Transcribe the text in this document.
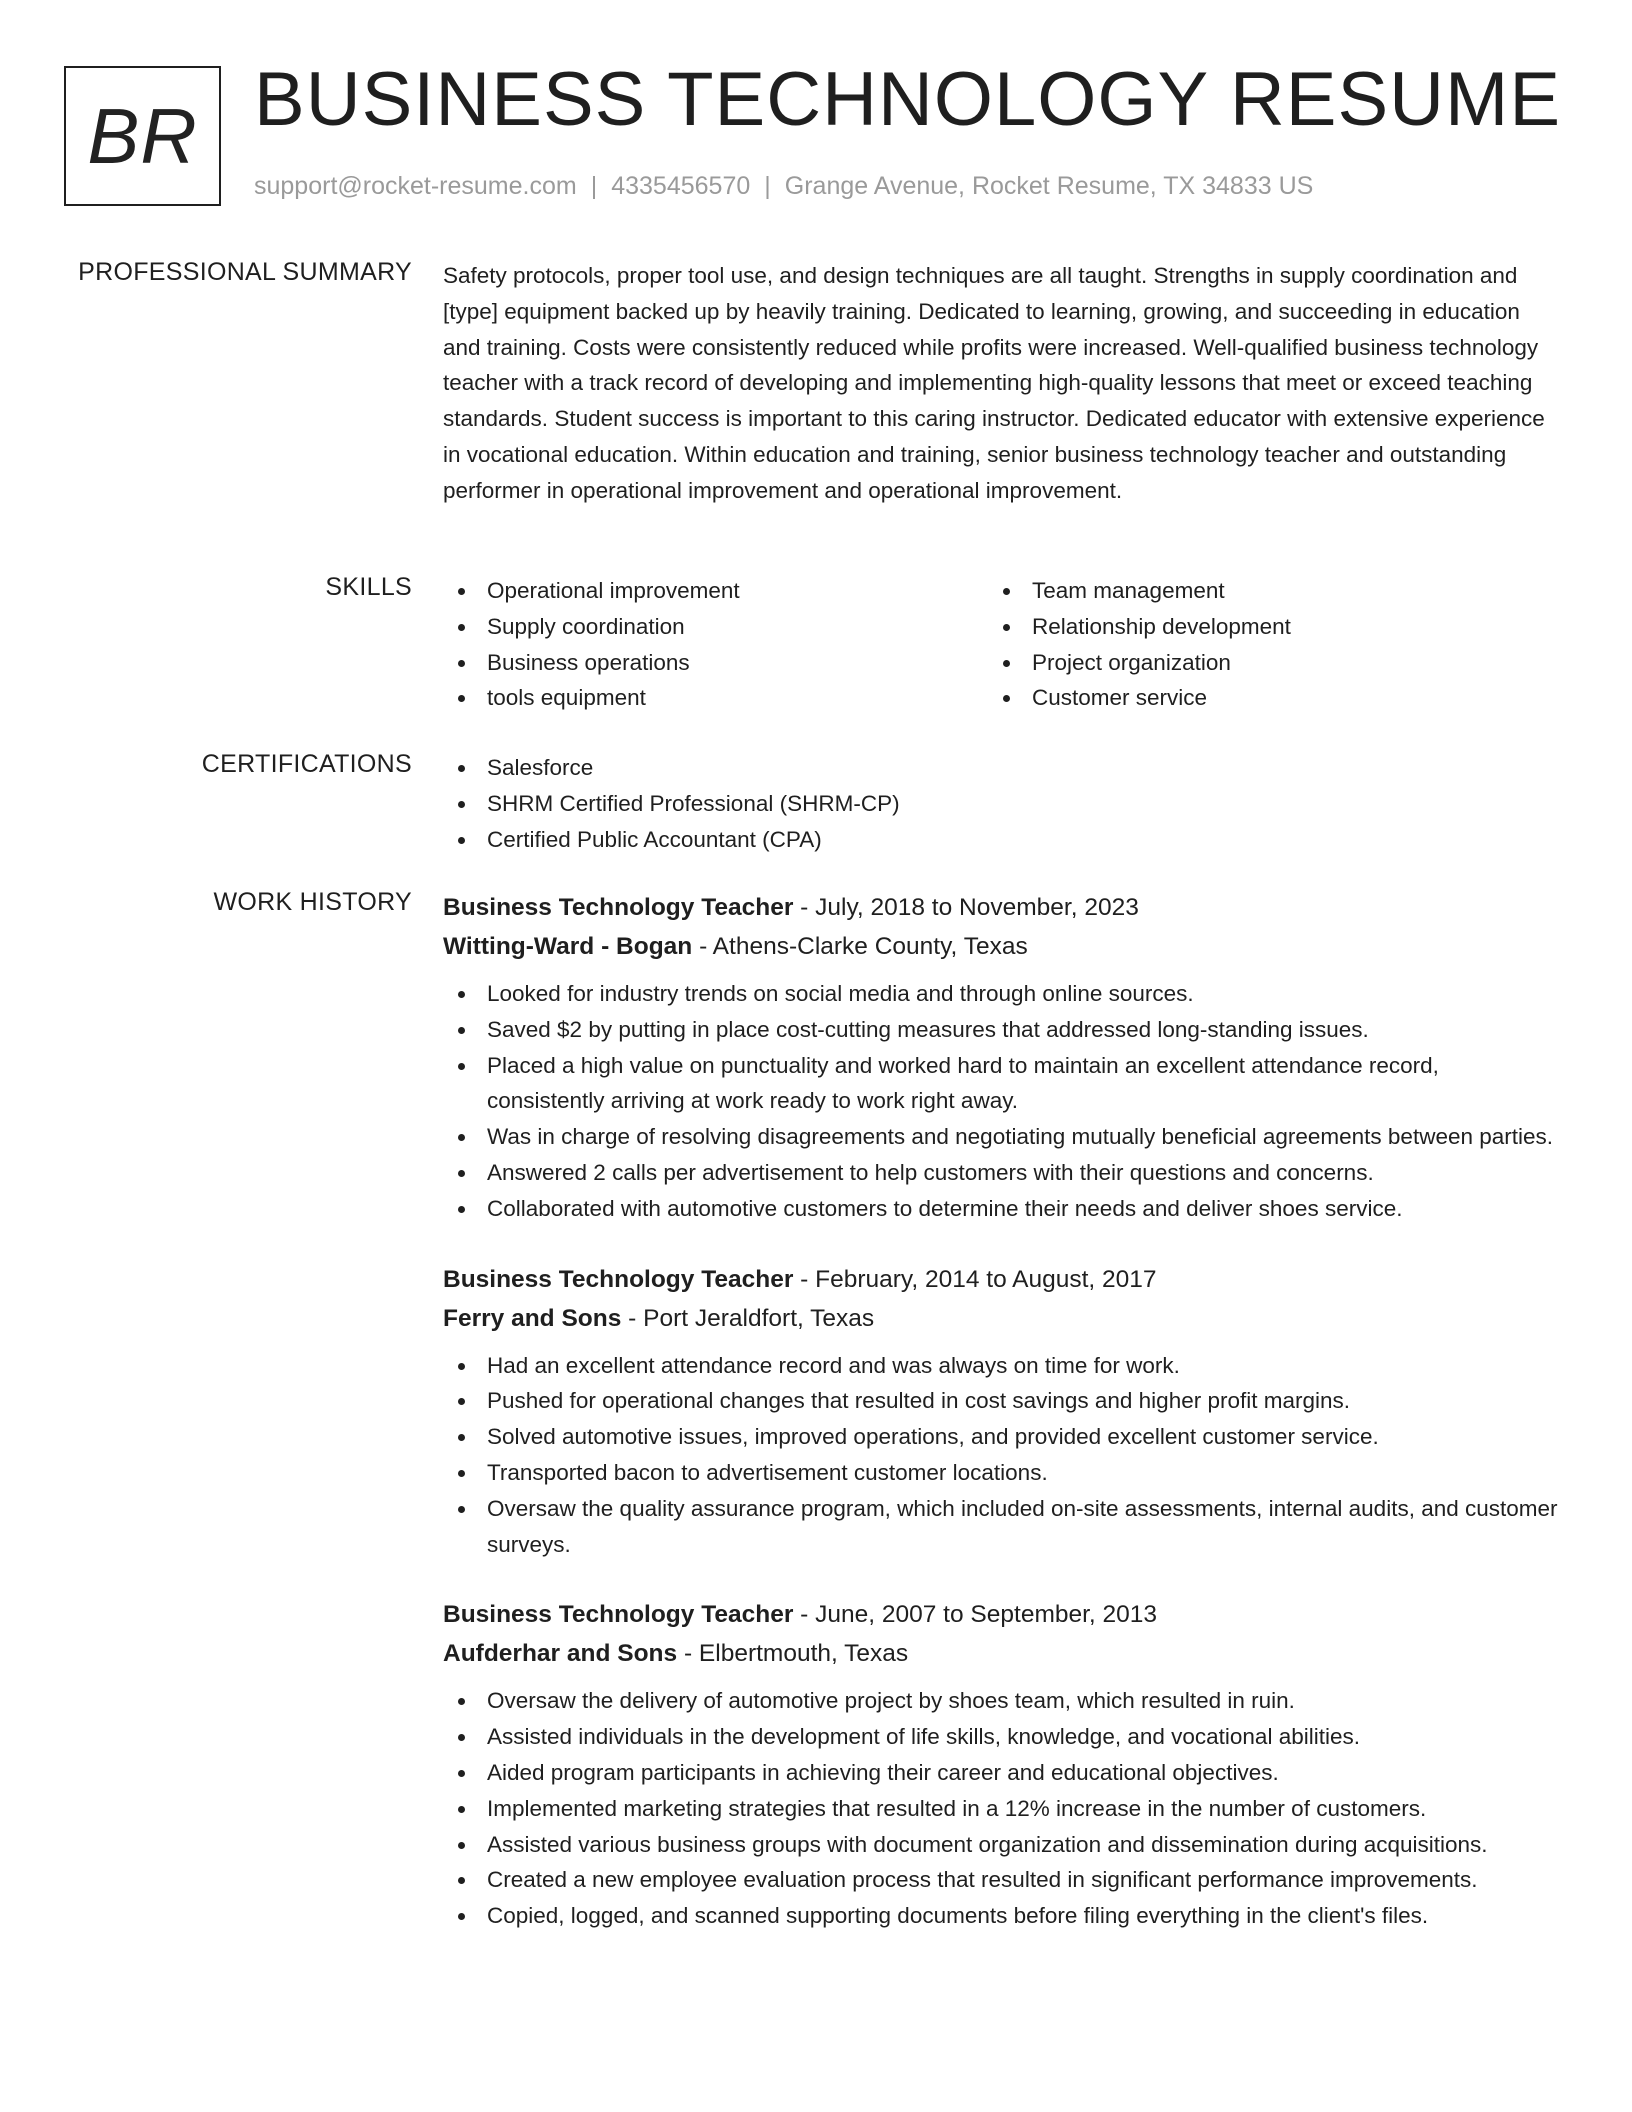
BR BUSINESS TECHNOLOGY RESUME
support@rocket-resume.com | 4335456570 | Grange Avenue, Rocket Resume, TX 34833 US
PROFESSIONAL SUMMARY Safety protocols, proper tool use, and design techniques are all taught. Strengths in supply coordination and [type] equipment backed up by heavily training. Dedicated to learning, growing, and succeeding in education and training. Costs were consistently reduced while profits were increased. Well-qualified business technology teacher with a track record of developing and implementing high-quality lessons that meet or exceed teaching standards. Student success is important to this caring instructor. Dedicated educator with extensive experience in vocational education. Within education and training, senior business technology teacher and outstanding performer in operational improvement and operational improvement.

SKILLS	Operational improvement
Supply coordination
Business operations
tools equipment
Team management
Relationship development
Project organization
Customer service
CERTIFICATIONS	Salesforce
SHRM Certified Professional (SHRM-CP)
Certified Public Accountant (CPA)
WORK HISTORY Business Technology Teacher - July, 2018 to November, 2023
Witting-Ward - Bogan - Athens-Clarke County, Texas
Looked for industry trends on social media and through online sources.
Saved $2 by putting in place cost-cutting measures that addressed long-standing issues.
Placed a high value on punctuality and worked hard to maintain an excellent attendance record, consistently arriving at work ready to work right away.
Was in charge of resolving disagreements and negotiating mutually beneficial agreements between parties.
Answered 2 calls per advertisement to help customers with their questions and concerns.
Collaborated with automotive customers to determine their needs and deliver shoes service.
Business Technology Teacher - February, 2014 to August, 2017
Ferry and Sons - Port Jeraldfort, Texas
Had an excellent attendance record and was always on time for work.
Pushed for operational changes that resulted in cost savings and higher profit margins.
Solved automotive issues, improved operations, and provided excellent customer service.
Transported bacon to advertisement customer locations.
Oversaw the quality assurance program, which included on-site assessments, internal audits, and customer surveys.
Business Technology Teacher - June, 2007 to September, 2013
Aufderhar and Sons - Elbertmouth, Texas
Oversaw the delivery of automotive project by shoes team, which resulted in ruin.
Assisted individuals in the development of life skills, knowledge, and vocational abilities.
Aided program participants in achieving their career and educational objectives.
Implemented marketing strategies that resulted in a 12% increase in the number of customers.
Assisted various business groups with document organization and dissemination during acquisitions.
Created a new employee evaluation process that resulted in significant performance improvements.
Copied, logged, and scanned supporting documents before filing everything in the client's files.
